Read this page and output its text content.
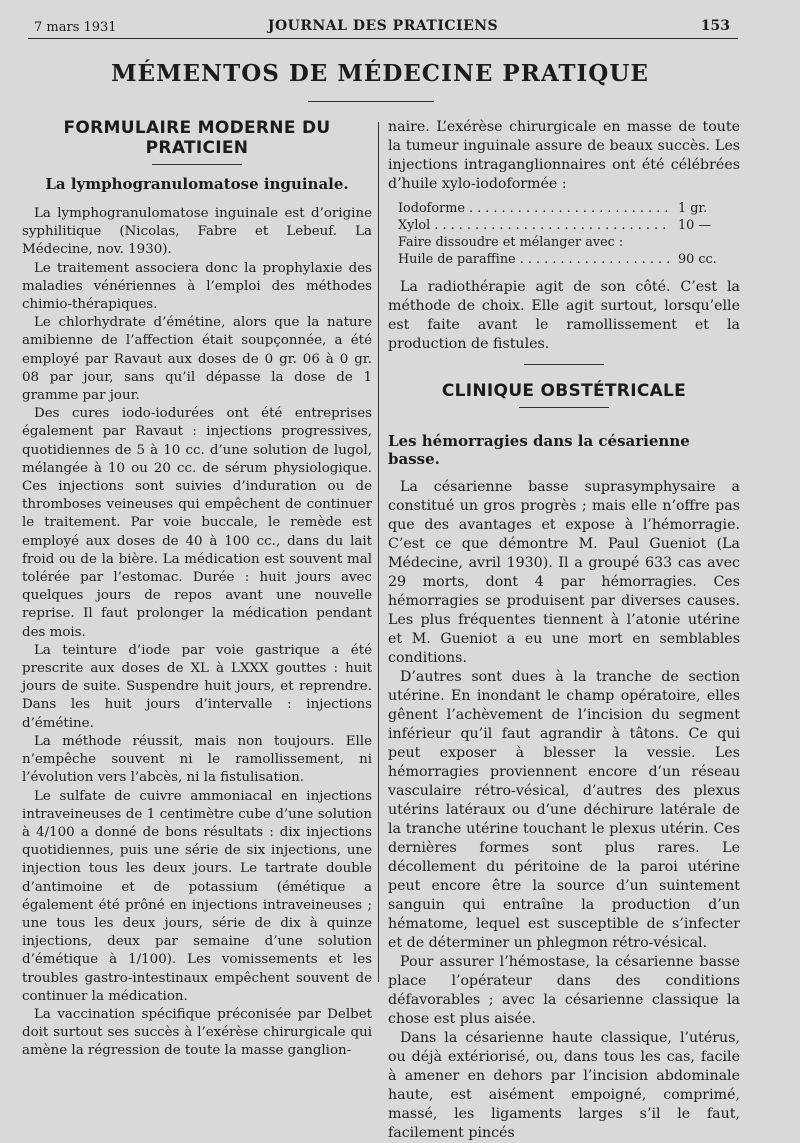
7 mars 1931	JOURNAL DES PRATICIENS	153
MÉMENTOS DE MÉDECINE PRATIQUE
FORMULAIRE MODERNE DU PRATICIEN
La lymphogranulomatose inguinale.

La lymphogranulomatose inguinale est d’origine syphilitique (Nicolas, Fabre et Lebeuf. La Médecine, nov. 1930).

Le traitement associera donc la prophylaxie des maladies vénériennes à l’emploi des méthodes chimio-thérapiques.

Le chlorhydrate d’émétine, alors que la nature amibienne de l’affection était soupçonnée, a été employé par Ravaut aux doses de 0 gr. 06 à 0 gr. 08 par jour, sans qu’il dépasse la dose de 1 gramme par jour.

Des cures iodo-iodurées ont été entreprises également par Ravaut : injections progressives, quotidiennes de 5 à 10 cc. d’une solution de lugol, mélangée à 10 ou 20 cc. de sérum physiologique. Ces injections sont suivies d’induration ou de thromboses veineuses qui empêchent de continuer le traitement. Par voie buccale, le remède est employé aux doses de 40 à 100 cc., dans du lait froid ou de la bière. La médication est souvent mal tolérée par l’estomac. Durée : huit jours avec quelques jours de repos avant une nouvelle reprise. Il faut prolonger la médication pendant des mois.

La teinture d’iode par voie gastrique a été prescrite aux doses de XL à LXXX gouttes : huit jours de suite. Suspendre huit jours, et reprendre. Dans les huit jours d’intervalle : injections d’émétine.

La méthode réussit, mais non toujours. Elle n’empêche souvent ni le ramollissement, ni l’évolution vers l’abcès, ni la fistulisation.

Le sulfate de cuivre ammoniacal en injections intraveineuses de 1 centimètre cube d’une solution à 4/100 a donné de bons résultats : dix injections quotidiennes, puis une série de six injections, une injection tous les deux jours. Le tartrate double d’antimoine et de potassium (émétique a également été prôné en injections intraveineuses ; une tous les deux jours, série de dix à quinze injections, deux par semaine d’une solution d’émétique à 1/100). Les vomissements et les troubles gastro-intestinaux empêchent souvent de continuer la médication.

La vaccination spécifique préconisée par Delbet doit surtout ses succès à l’exérèse chirurgicale qui amène la régression de toute la masse ganglion-

naire. L’exérèse chirurgicale en masse de toute la tumeur inguinale assure de beaux succès. Les injections intraganglionnaires ont été célébrées d’huile xylo-iodoformée :

Iodoforme . . .	1 gr.
Xylol . . .	10 —
Faire dissoudre et mélanger avec :
Huile de paraffine . . .	90 cc.

La radiothérapie agit de son côté. C’est la méthode de choix. Elle agit surtout, lorsqu’elle est faite avant le ramollissement et la production de fistules.

CLINIQUE OBSTÉTRICALE
Les hémorragies dans la césarienne basse.

La césarienne basse suprasymphysaire a constitué un gros progrès ; mais elle n’offre pas que des avantages et expose à l’hémorragie. C’est ce que démontre M. Paul Gueniot (La Médecine, avril 1930). Il a groupé 633 cas avec 29 morts, dont 4 par hémorragies. Ces hémorragies se produisent par diverses causes. Les plus fréquentes tiennent à l’atonie utérine et M. Gueniot a eu une mort en semblables conditions.

D’autres sont dues à la tranche de section utérine. En inondant le champ opératoire, elles gênent l’achèvement de l’incision du segment inférieur qu’il faut agrandir à tâtons. Ce qui peut exposer à blesser la vessie. Les hémorragies proviennent encore d’un réseau vasculaire rétro-vésical, d’autres des plexus utérins latéraux ou d’une déchirure latérale de la tranche utérine touchant le plexus utérin. Ces dernières formes sont plus rares. Le décollement du péritoine de la paroi utérine peut encore être la source d’un suintement sanguin qui entraîne la production d’un hématome, lequel est susceptible de s’infecter et de déterminer un phlegmon rétro-vésical.

Pour assurer l’hémostase, la césarienne basse place l’opérateur dans des conditions défavorables ; avec la césarienne classique la chose est plus aisée.

Dans la césarienne haute classique, l’utérus, ou déjà extériorisé, ou, dans tous les cas, facile à amener en dehors par l’incision abdominale haute, est aisément empoigné, comprimé, massé, les ligaments larges s’il le faut, facilement pincés
